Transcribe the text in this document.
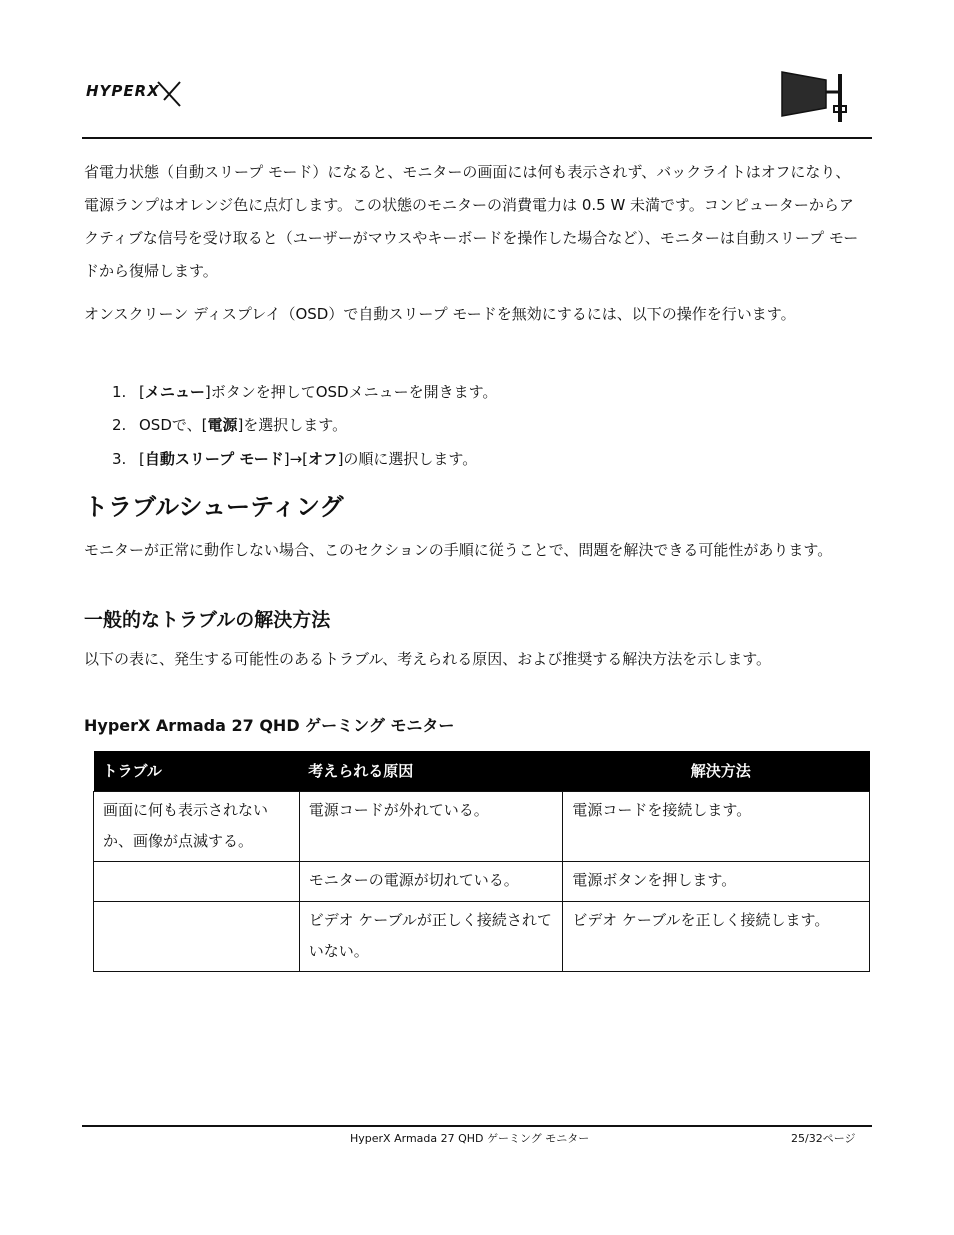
HYPERX

省電力状態（自動スリープ モード）になると、モニターの画面には何も表示されず、バックライトはオフになり、電源ランプはオレンジ色に点灯します。この状態のモニターの消費電力は 0.5 W 未満です。コンピューターからアクティブな信号を受け取ると（ユーザーがマウスやキーボードを操作した場合など）、モニターは自動スリープ モードから復帰します。

オンスクリーン ディスプレイ（OSD）で自動スリープ モードを無効にするには、以下の操作を行います。

1. [メニュー]ボタンを押してOSDメニューを開きます。
2. OSDで、[電源]を選択します。
3. [自動スリープ モード]→[オフ]の順に選択します。
トラブルシューティング

モニターが正常に動作しない場合、このセクションの手順に従うことで、問題を解決できる可能性があります。

一般的なトラブルの解決方法

以下の表に、発生する可能性のあるトラブル、考えられる原因、および推奨する解決方法を示します。

HyperX Armada 27 QHD ゲーミング モニター
トラブル	考えられる原因	解決方法
画面に何も表示されないか、画像が点滅する。	電源コードが外れている。	電源コードを接続します。
	モニターの電源が切れている。	電源ボタンを押します。
	ビデオ ケーブルが正しく接続されていない。	ビデオ ケーブルを正しく接続します。
HyperX Armada 27 QHD ゲーミング モニター	25/32ページ
